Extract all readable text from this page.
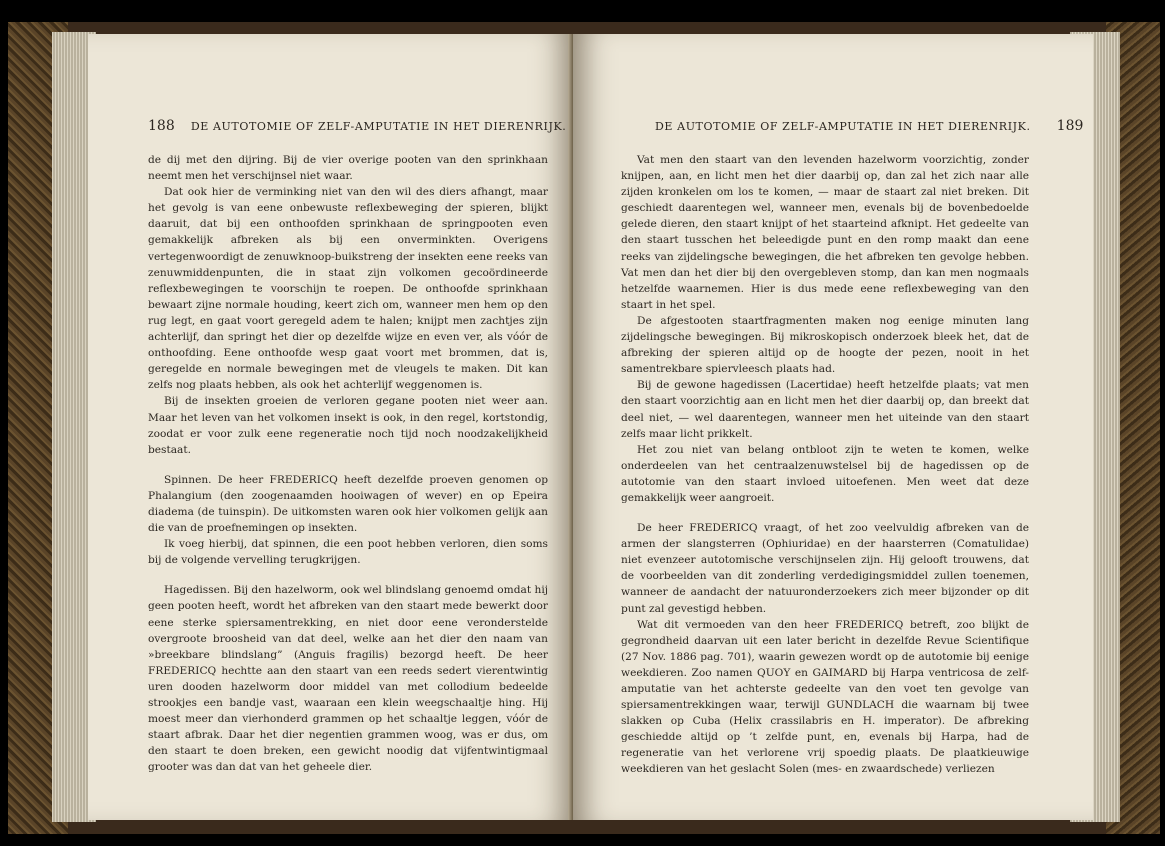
188 DE AUTOTOMIE OF ZELF-AMPUTATIE IN HET DIERENRIJK.

de dij met den dijring. Bij de vier overige pooten van den sprinkhaan neemt men het verschijnsel niet waar.

Dat ook hier de verminking niet van den wil des diers afhangt, maar het gevolg is van eene onbewuste reflexbeweging der spieren, blijkt daaruit, dat bij een onthoofden sprinkhaan de springpooten even gemakkelijk afbreken als bij een onverminkten. Overigens vertegenwoordigt de zenuwknoop-buikstreng der insekten eene reeks van zenuwmiddenpunten, die in staat zijn volkomen gecoördineerde reflexbewegingen te voorschijn te roepen. De onthoofde sprinkhaan bewaart zijne normale houding, keert zich om, wanneer men hem op den rug legt, en gaat voort geregeld adem te halen; knijpt men zachtjes zijn achterlijf, dan springt het dier op dezelfde wijze en even ver, als vóór de onthoofding. Eene onthoofde wesp gaat voort met brommen, dat is, geregelde en normale bewegingen met de vleugels te maken. Dit kan zelfs nog plaats hebben, als ook het achterlijf weggenomen is.

Bij de insekten groeien de verloren gegane pooten niet weer aan. Maar het leven van het volkomen insekt is ook, in den regel, kortstondig, zoodat er voor zulk eene regeneratie noch tijd noch noodzakelijkheid bestaat.

Spinnen. De heer FREDERICQ heeft dezelfde proeven genomen op Phalangium (den zoogenaamden hooiwagen of wever) en op Epeira diadema (de tuinspin). De uitkomsten waren ook hier volkomen gelijk aan die van de proefnemingen op insekten.

Ik voeg hierbij, dat spinnen, die een poot hebben verloren, dien soms bij de volgende vervelling terugkrijgen.

Hagedissen. Bij den hazelworm, ook wel blindslang genoemd omdat hij geen pooten heeft, wordt het afbreken van den staart mede bewerkt door eene sterke spiersamentrekking, en niet door eene veronderstelde overgroote broosheid van dat deel, welke aan het dier den naam van »breekbare blindslang” (Anguis fragilis) bezorgd heeft. De heer FREDERICQ hechtte aan den staart van een reeds sedert vierentwintig uren dooden hazelworm door middel van met collodium bedeelde strookjes een bandje vast, waaraan een klein weegschaaltje hing. Hij moest meer dan vierhonderd grammen op het schaaltje leggen, vóór de staart afbrak. Daar het dier negentien grammen woog, was er dus, om den staart te doen breken, een gewicht noodig dat vijfentwintigmaal grooter was dan dat van het geheele dier.

DE AUTOTOMIE OF ZELF-AMPUTATIE IN HET DIERENRIJK. 189

Vat men den staart van den levenden hazelworm voorzichtig, zonder knijpen, aan, en licht men het dier daarbij op, dan zal het zich naar alle zijden kronkelen om los te komen, — maar de staart zal niet breken. Dit geschiedt daarentegen wel, wanneer men, evenals bij de bovenbedoelde gelede dieren, den staart knijpt of het staarteind afknipt. Het gedeelte van den staart tusschen het beleedigde punt en den romp maakt dan eene reeks van zijdelingsche bewegingen, die het afbreken ten gevolge hebben. Vat men dan het dier bij den overgebleven stomp, dan kan men nogmaals hetzelfde waarnemen. Hier is dus mede eene reflexbeweging van den staart in het spel.

De afgestooten staartfragmenten maken nog eenige minuten lang zijdelingsche bewegingen. Bij mikroskopisch onderzoek bleek het, dat de afbreking der spieren altijd op de hoogte der pezen, nooit in het samentrekbare spiervleesch plaats had.

Bij de gewone hagedissen (Lacertidae) heeft hetzelfde plaats; vat men den staart voorzichtig aan en licht men het dier daarbij op, dan breekt dat deel niet, — wel daarentegen, wanneer men het uiteinde van den staart zelfs maar licht prikkelt.

Het zou niet van belang ontbloot zijn te weten te komen, welke onderdeelen van het centraalzenuwstelsel bij de hagedissen op de autotomie van den staart invloed uitoefenen. Men weet dat deze gemakkelijk weer aangroeit.

De heer FREDERICQ vraagt, of het zoo veelvuldig afbreken van de armen der slangsterren (Ophiuridae) en der haarsterren (Comatulidae) niet evenzeer autotomische verschijnselen zijn. Hij gelooft trouwens, dat de voorbeelden van dit zonderling verdedigingsmiddel zullen toenemen, wanneer de aandacht der natuuronderzoekers zich meer bijzonder op dit punt zal gevestigd hebben.

Wat dit vermoeden van den heer FREDERICQ betreft, zoo blijkt de gegrondheid daarvan uit een later bericht in dezelfde Revue Scientifique (27 Nov. 1886 pag. 701), waarin gewezen wordt op de autotomie bij eenige weekdieren. Zoo namen QUOY en GAIMARD bij Harpa ventricosa de zelf-amputatie van het achterste gedeelte van den voet ten gevolge van spiersamentrekkingen waar, terwijl GUNDLACH die waarnam bij twee slakken op Cuba (Helix crassilabris en H. imperator). De afbreking geschiedde altijd op ’t zelfde punt, en, evenals bij Harpa, had de regeneratie van het verlorene vrij spoedig plaats. De plaatkieuwige weekdieren van het geslacht Solen (mes- en zwaardschede) verliezen
